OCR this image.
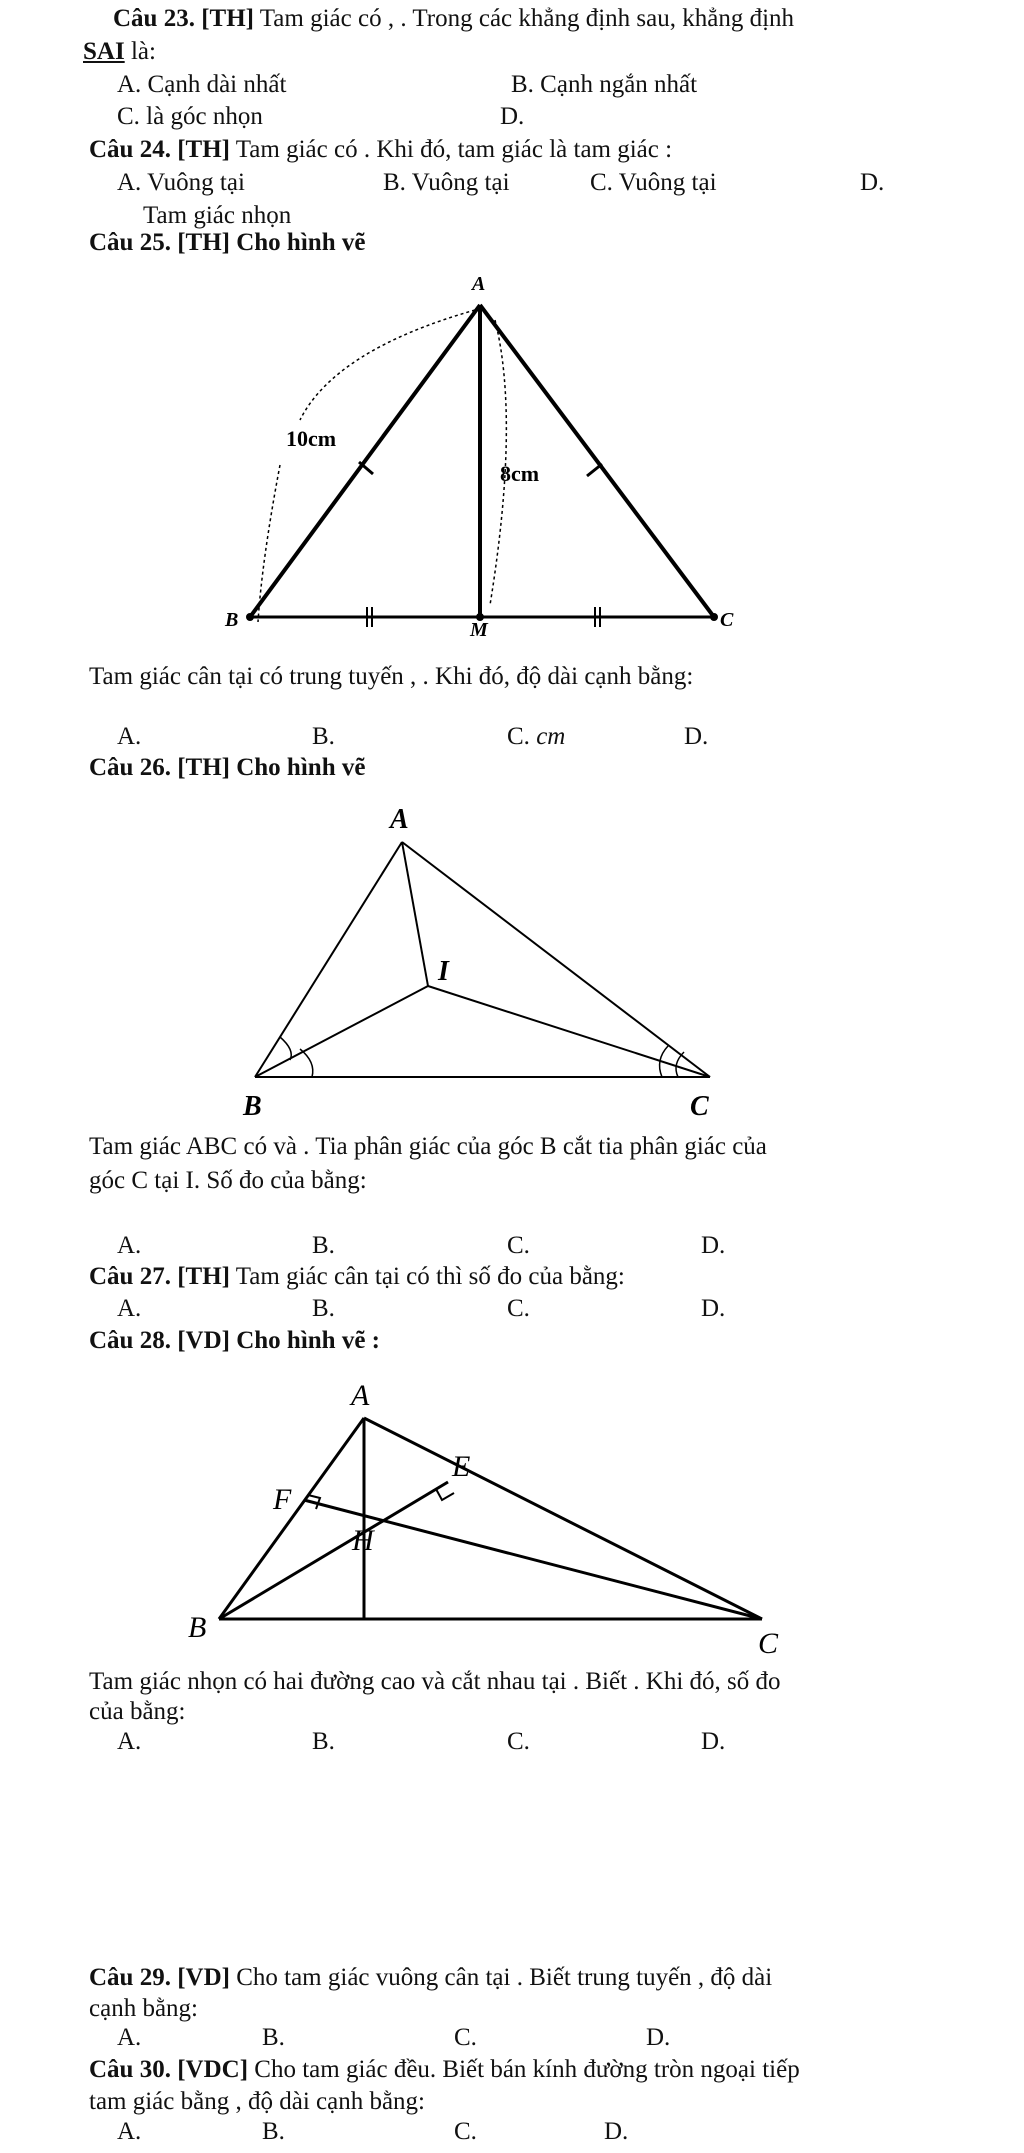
Câu 23. [TH] Tam giác có , . Trong các khẳng định sau, khẳng định
SAI là:
A. Cạnh dài nhất	B. Cạnh ngắn nhất
C. là góc nhọn	D.
Câu 24. [TH] Tam giác có . Khi đó, tam giác là tam giác :
A. Vuông tại	B. Vuông tại	C. Vuông tại	D.
Tam giác nhọn
Câu 25. [TH] Cho hình vẽ
A
B	C
M
10cm
8cm
A
I
B	C
A
E
F
H
B	C
Tam giác cân tại có trung tuyến , . Khi đó, độ dài cạnh bằng:
A.	B.	C. cm	D.
Câu 26. [TH] Cho hình vẽ
Tam giác ABC có và . Tia phân giác của góc B cắt tia phân giác của
góc C tại I. Số đo của bằng:
A.	B.	C.	D.
Câu 27. [TH] Tam giác cân tại có thì số đo của bằng:
A.	B.	C.	D.
Câu 28. [VD] Cho hình vẽ :
Tam giác nhọn có hai đường cao và cắt nhau tại . Biết . Khi đó, số đo
của bằng:
A.	B.	C.	D.
Câu 29. [VD] Cho tam giác vuông cân tại . Biết trung tuyến , độ dài
cạnh bằng:
A.	B.	C.	D.
Câu 30. [VDC] Cho tam giác đều. Biết bán kính đường tròn ngoại tiếp
tam giác bằng , độ dài cạnh bằng:
A.	B.	C.	D.
